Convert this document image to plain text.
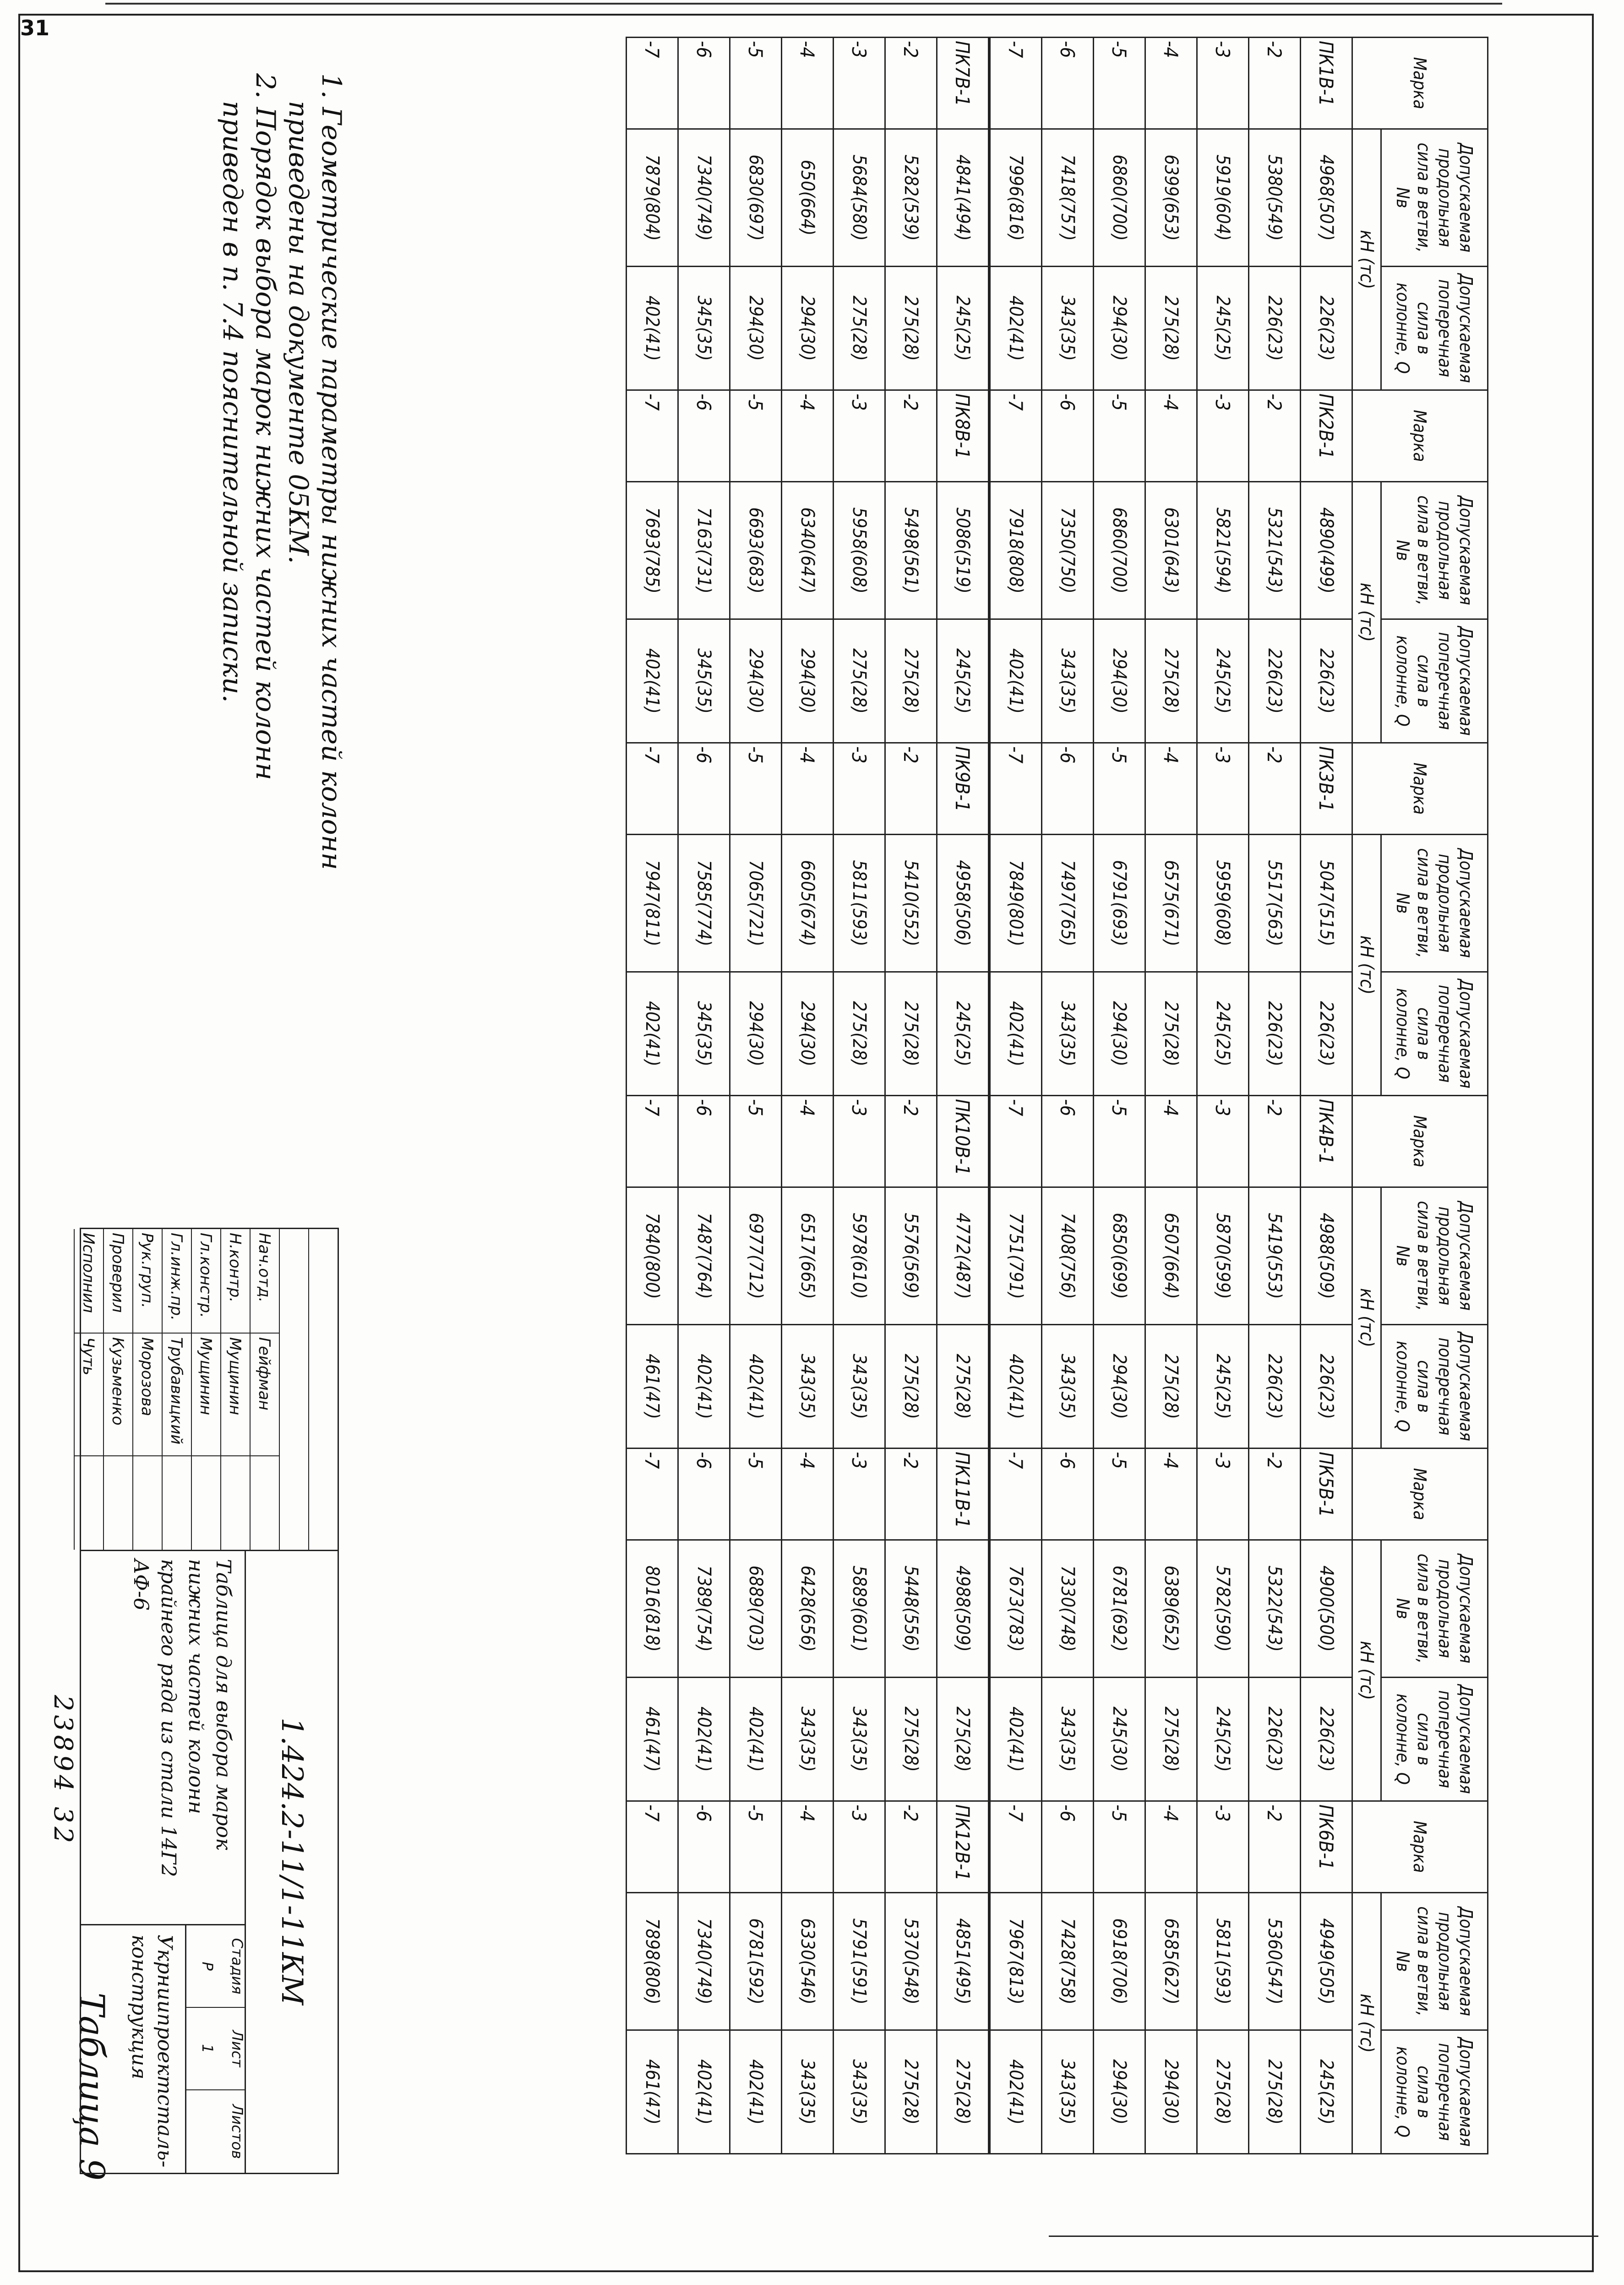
31
Таблица 9
Марка	Допускаемая продольная сила в ветви, Nв	Допускаемая поперечная сила в колонне, Q	Марка	Допускаемая продольная сила в ветви, Nв	Допускаемая поперечная сила в колонне, Q	Марка	Допускаемая продольная сила в ветви, Nв	Допускаемая поперечная сила в колонне, Q	Марка	Допускаемая продольная сила в ветви, Nв	Допускаемая поперечная сила в колонне, Q	Марка	Допускаемая продольная сила в ветви, Nв	Допускаемая поперечная сила в колонне, Q	Марка	Допускаемая продольная сила в ветви, Nв	Допускаемая поперечная сила в колонне, Q
	кН (тс)			кН (тс)			кН (тс)			кН (тс)			кН (тс)			кН (тс)	
ПК1В-1	4968(507)	226(23)	ПК2В-1	4890(499)	226(23)	ПК3В-1	5047(515)	226(23)	ПК4В-1	4988(509)	226(23)	ПК5В-1	4900(500)	226(23)	ПК6В-1	4949(505)	245(25)
-2	5380(549)	226(23)	-2	5321(543)	226(23)	-2	5517(563)	226(23)	-2	5419(553)	226(23)	-2	5322(543)	226(23)	-2	5360(547)	275(28)
-3	5919(604)	245(25)	-3	5821(594)	245(25)	-3	5959(608)	245(25)	-3	5870(599)	245(25)	-3	5782(590)	245(25)	-3	5811(593)	275(28)
-4	6399(653)	275(28)	-4	6301(643)	275(28)	-4	6575(671)	275(28)	-4	6507(664)	275(28)	-4	6389(652)	275(28)	-4	6585(627)	294(30)
-5	6860(700)	294(30)	-5	6860(700)	294(30)	-5	6791(693)	294(30)	-5	6850(699)	294(30)	-5	6781(692)	245(30)	-5	6918(706)	294(30)
-6	7418(757)	343(35)	-6	7350(750)	343(35)	-6	7497(765)	343(35)	-6	7408(756)	343(35)	-6	7330(748)	343(35)	-6	7428(758)	343(35)
-7	7996(816)	402(41)	-7	7918(808)	402(41)	-7	7849(801)	402(41)	-7	7751(791)	402(41)	-7	7673(783)	402(41)	-7	7967(813)	402(41)
ПК7В-1	4841(494)	245(25)	ПК8В-1	5086(519)	245(25)	ПК9В-1	4958(506)	245(25)	ПК10В-1	4772(487)	275(28)	ПК11В-1	4988(509)	275(28)	ПК12В-1	4851(495)	275(28)
-2	5282(539)	275(28)	-2	5498(561)	275(28)	-2	5410(552)	275(28)	-2	5576(569)	275(28)	-2	5448(556)	275(28)	-2	5370(548)	275(28)
-3	5684(580)	275(28)	-3	5958(608)	275(28)	-3	5811(593)	275(28)	-3	5978(610)	343(35)	-3	5889(601)	343(35)	-3	5791(591)	343(35)
-4	650(664)	294(30)	-4	6340(647)	294(30)	-4	6605(674)	294(30)	-4	6517(665)	343(35)	-4	6428(656)	343(35)	-4	6330(546)	343(35)
-5	6830(697)	294(30)	-5	6693(683)	294(30)	-5	7065(721)	294(30)	-5	6977(712)	402(41)	-5	6889(703)	402(41)	-5	6781(592)	402(41)
-6	7340(749)	345(35)	-6	7163(731)	345(35)	-6	7585(774)	345(35)	-6	7487(764)	402(41)	-6	7389(754)	402(41)	-6	7340(749)	402(41)
-7	7879(804)	402(41)	-7	7693(785)	402(41)	-7	7947(811)	402(41)	-7	7840(800)	461(47)	-7	8016(818)	461(47)	-7	7898(806)	461(47)

1. Геометрические параметры нижних частей колонн

приведены на документе 05КМ.

2. Порядок выбора марок нижних частей колонн

приведен в п. 7.4 пояснительной записки.

Нач.отд.
Гейфман
Н.контр.
Мущинин
Гл.констр.
Мущинин
Гл.инж.пр.
Трубавицкий
Рук.груп.
Морозова
Проверил
Кузьменко
Исполнил
Чуть
1.424.2-11/1-11КМ
Таблица для выбора марок нижних частей колонн крайнего ряда из стали 14Г2 АФ-6
Стадия
Лист
Листов
Р
1
Укрниипроектсталь-конструкция
23894 32
